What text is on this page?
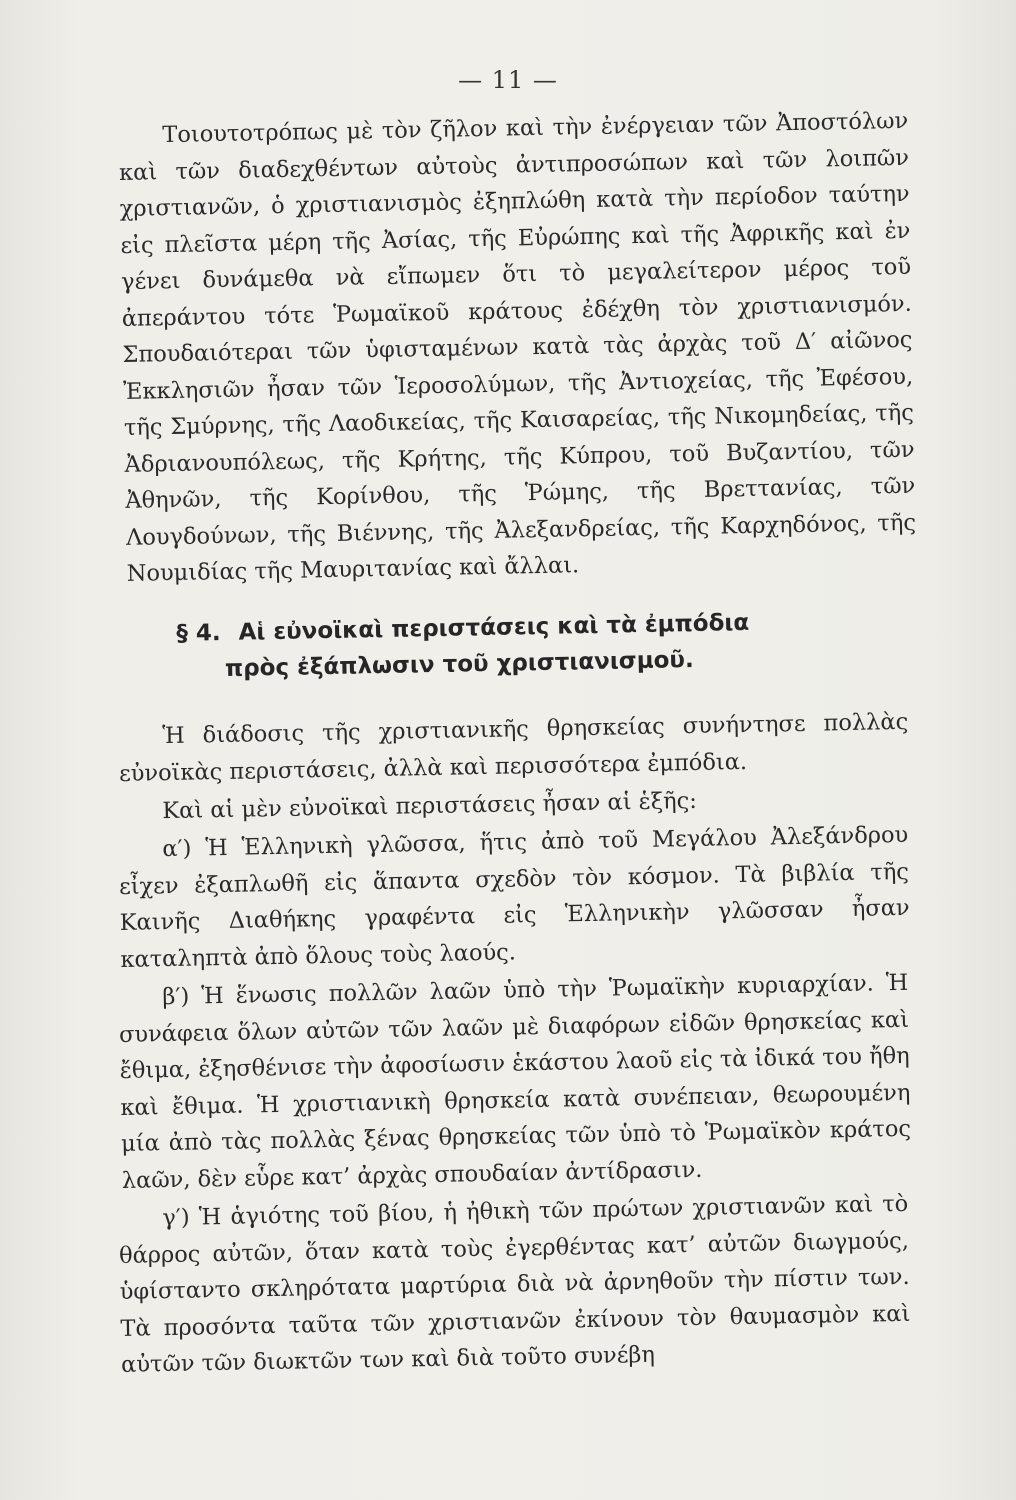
— 11 —

Τοιουτοτρόπως μὲ τὸν ζῆλον καὶ τὴν ἐνέργειαν τῶν Ἀποστόλων καὶ τῶν διαδεχθέντων αὐτοὺς ἀντιπροσώπων καὶ τῶν λοιπῶν χριστιανῶν, ὁ χριστιανισμὸς ἐξηπλώθη κατὰ τὴν περίοδον ταύτην εἰς πλεῖστα μέρη τῆς Ἀσίας, τῆς Εὐρώπης καὶ τῆς Ἀφρικῆς καὶ ἐν γένει δυνάμεθα νὰ εἴπωμεν ὅτι τὸ μεγαλείτερον μέρος τοῦ ἀπεράντου τότε Ῥωμαϊκοῦ κράτους ἐδέχθη τὸν χριστιανισμόν. Σπουδαιότεραι τῶν ὑφισταμένων κατὰ τὰς ἀρχὰς τοῦ Δ′ αἰῶνος Ἐκκλησιῶν ἦσαν τῶν Ἱεροσολύμων, τῆς Ἀντιοχείας, τῆς Ἐφέσου, τῆς Σμύρνης, τῆς Λαοδικείας, τῆς Καισαρείας, τῆς Νικομηδείας, τῆς Ἀδριανουπόλεως, τῆς Κρήτης, τῆς Κύπρου, τοῦ Βυζαντίου, τῶν Ἀθηνῶν, τῆς Κορίνθου, τῆς Ῥώμης, τῆς Βρεττανίας, τῶν Λουγδούνων, τῆς Βιέννης, τῆς Ἀλεξανδρείας, τῆς Καρχηδόνος, τῆς Νουμιδίας τῆς Μαυριτανίας καὶ ἄλλαι.

§ 4. Αἱ εὐνοϊκαὶ περιστάσεις καὶ τὰ ἐμπόδια
πρὸς ἐξάπλωσιν τοῦ χριστιανισμοῦ.

Ἡ διάδοσις τῆς χριστιανικῆς θρησκείας συνήντησε πολλὰς εὐνοϊκὰς περιστάσεις, ἀλλὰ καὶ περισσότερα ἐμπόδια.

Καὶ αἱ μὲν εὐνοϊκαὶ περιστάσεις ἦσαν αἱ ἑξῆς:

α′) Ἡ Ἑλληνικὴ γλῶσσα, ἥτις ἀπὸ τοῦ Μεγάλου Ἀλεξάνδρου εἶχεν ἐξαπλωθῆ εἰς ἅπαντα σχεδὸν τὸν κόσμον. Τὰ βιβλία τῆς Καινῆς Διαθήκης γραφέντα εἰς Ἑλληνικὴν γλῶσσαν ἦσαν καταληπτὰ ἀπὸ ὅλους τοὺς λαούς.

β′) Ἡ ἕνωσις πολλῶν λαῶν ὑπὸ τὴν Ῥωμαϊκὴν κυριαρχίαν. Ἡ συνάφεια ὅλων αὐτῶν τῶν λαῶν μὲ διαφόρων εἰδῶν θρησκείας καὶ ἔθιμα, ἐξησθένισε τὴν ἀφοσίωσιν ἑκάστου λαοῦ εἰς τὰ ἰδικά του ἤθη καὶ ἔθιμα. Ἡ χριστιανικὴ θρησκεία κατὰ συνέπειαν, θεωρουμένη μία ἀπὸ τὰς πολλὰς ξένας θρησκείας τῶν ὑπὸ τὸ Ῥωμαϊκὸν κράτος λαῶν, δὲν εὗρε κατ’ ἀρχὰς σπουδαίαν ἀντίδρασιν.

γ′) Ἡ ἁγιότης τοῦ βίου, ἡ ἠθικὴ τῶν πρώτων χριστιανῶν καὶ τὸ θάρρος αὐτῶν, ὅταν κατὰ τοὺς ἐγερθέντας κατ’ αὐτῶν διωγμούς, ὑφίσταντο σκληρότατα μαρτύρια διὰ νὰ ἀρνηθοῦν τὴν πίστιν των. Τὰ προσόντα ταῦτα τῶν χριστιανῶν ἐκίνουν τὸν θαυμασμὸν καὶ αὐτῶν τῶν διωκτῶν των καὶ διὰ τοῦτο συνέβη
